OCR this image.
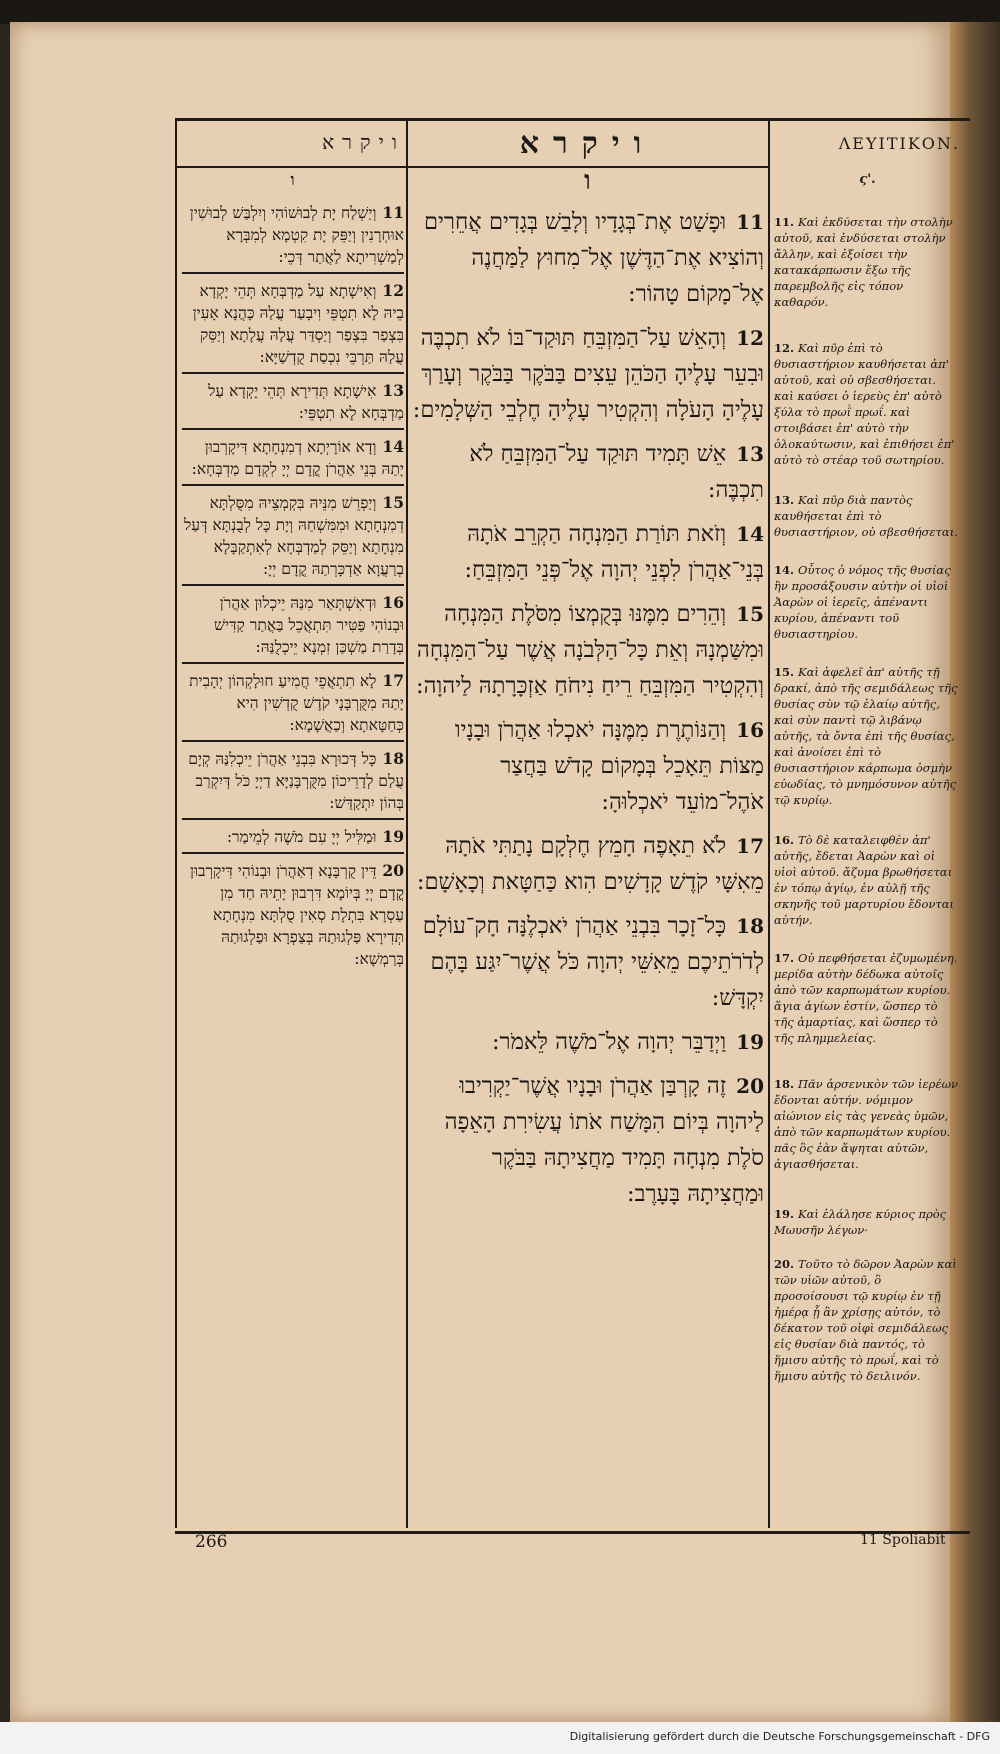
ויקרא	ויקרא	ΛΕΥΙΤΙΚΟΝ.
ו	ו	ς'.

11וְיַשְׁלַח יָת לְבוּשׁוֹהִי וְיִלְבַּשׁ לְבוּשִׁין אוּחְרָנִין וְיַפֵּק יָת קִטְמָא לְמִבְּרָא לְמַשְׁרִיתָא לַאֲתַר דְּכֵי:

12וְאִישָׁתָא עַל מַדְבְּחָא תְּהֵי יָקְדָא בֵיהּ לָא תִטְפֵּי וִיבָעַר עֲלַהּ כָּהֲנָא אָעִין בִּצְפַר בִּצְפַר וְיַסְדַּר עֲלַהּ עֲלָתָא וְיַסֵּק עֲלַהּ תַּרְבֵּי נִכְסַת קֻדְשַׁיָּא:

13אִישָׁתָא תְּדִירָא תְּהֵי יָקְדָא עַל מַדְבְּחָא לָא תִטְפֵּי:

14וְדָא אוֹרָיְתָא דְמִנְחָתָא דִּיקָרְבוּן יָתַהּ בְּנֵי אַהֲרֹן קֳדָם יְיָ לִקְדָם מַדְבְּחָא:

15וְיַפְרֵשׁ מִנֵּיהּ בִּקְמְצֵיהּ מִסֻּלְתָּא דְמִנְחָתָא וּמִמִּשְׁחַהּ וְיָת כָּל לְבֻנְתָּא דְּעַל מִנְחָתָא וְיַסֵּק לְמַדְבְּחָא לְאִתְקַבָּלָא בְרַעֲוָא אַדְכָּרְתַהּ קֳדָם יְיָ:

16וּדְאִשְׁתְּאַר מִנַּהּ יֵיכְלוּן אַהֲרֹן וּבְנוֹהִי פַּטִּיר תִּתְאֲכֵל בַּאֲתַר קַדִּישׁ בְּדָרַת מַשְׁכַּן זִמְנָא יֵיכְלֻנַּהּ:

17לָא תִתְאֲפֵי חֲמִיעַ חוּלָקְהוֹן יְהָבִית יָתַהּ מִקֻּרְבָּנָי קֹדֶשׁ קֻדְשִׁין הִיא כְּחַטָּאתָא וְכַאֲשָׁמָא:

18כָּל דְּכוּרָא בִּבְנֵי אַהֲרֹן יֵיכְלִנַּהּ קְיָם עֲלַם לְדָרֵיכוֹן מִקֻּרְבָּנַיָּא דַיְיָ כֹּל דְּיִקְרַב בְּהוֹן יִתְקַדַּשׁ:

19וּמַלִּיל יְיָ עִם מֹשֶׁה לְמֵימַר:

20דֵּין קֻרְבָּנָא דְאַהֲרֹן וּבְנוֹהִי דִּיקָרְבוּן קֳדָם יְיָ בְּיוֹמָא דִּרְבוּן יָתֵיהּ חַד מִן עַסְרָא בִּתְלָת סְאִין סֻלְתָּא מִנְחָתָא תְּדִירָא פַּלְגוּתַהּ בְּצַפְרָא וּפַלְגוּתַהּ בְּרַמְשָׁא:

11וּפָשַׁט אֶת־בְּגָדָיו וְלָבַשׁ בְּגָדִים אֲחֵרִים וְהוֹצִיא אֶת־הַדֶּשֶׁן אֶל־מִחוּץ לַמַּחֲנֶה אֶל־מָקוֹם טָהוֹר:

12וְהָאֵשׁ עַל־הַמִּזְבֵּחַ תּוּקַד־בּוֹ לֹא תִכְבֶּה וּבִעֵר עָלֶיהָ הַכֹּהֵן עֵצִים בַּבֹּקֶר בַּבֹּקֶר וְעָרַךְ עָלֶיהָ הָעֹלָה וְהִקְטִיר עָלֶיהָ חֶלְבֵי הַשְּׁלָמִים:

13אֵשׁ תָּמִיד תּוּקַד עַל־הַמִּזְבֵּחַ לֹא תִכְבֶּה:

14וְזֹאת תּוֹרַת הַמִּנְחָה הַקְרֵב אֹתָהּ בְּנֵי־אַהֲרֹן לִפְנֵי יְהוָה אֶל־פְּנֵי הַמִּזְבֵּחַ:

15וְהֵרִים מִמֶּנּוּ בְּקֻמְצוֹ מִסֹּלֶת הַמִּנְחָה וּמִשַּׁמְנָהּ וְאֵת כָּל־הַלְּבֹנָה אֲשֶׁר עַל־הַמִּנְחָה וְהִקְטִיר הַמִּזְבֵּחַ רֵיחַ נִיחֹחַ אַזְכָּרָתָהּ לַיהוָה:

16וְהַנּוֹתֶרֶת מִמֶּנָּה יֹאכְלוּ אַהֲרֹן וּבָנָיו מַצּוֹת תֵּאָכֵל בְּמָקוֹם קָדֹשׁ בַּחֲצַר אֹהֶל־מוֹעֵד יֹאכְלוּהָ:

17לֹא תֵאָפֶה חָמֵץ חֶלְקָם נָתַתִּי אֹתָהּ מֵאִשָּׁי קֹדֶשׁ קָדָשִׁים הִוא כַּחַטָּאת וְכָאָשָׁם:

18כָּל־זָכָר בִּבְנֵי אַהֲרֹן יֹאכְלֶנָּה חָק־עוֹלָם לְדֹרֹתֵיכֶם מֵאִשֵּׁי יְהוָה כֹּל אֲשֶׁר־יִגַּע בָּהֶם יִקְדָּשׁ:

19וַיְדַבֵּר יְהוָה אֶל־מֹשֶׁה לֵּאמֹר:

20זֶה קָרְבַּן אַהֲרֹן וּבָנָיו אֲשֶׁר־יַקְרִיבוּ לַיהוָה בְּיוֹם הִמָּשַׁח אֹתוֹ עֲשִׂירִת הָאֵפָה סֹלֶת מִנְחָה תָּמִיד מַחֲצִיתָהּ בַּבֹּקֶר וּמַחֲצִיתָהּ בָּעָרֶב:

11. Καὶ ἐκδύσεται τὴν στολὴν αὐτοῦ, καὶ ἐνδύσεται στολὴν ἄλλην, καὶ ἐξοίσει τὴν κατακάρπωσιν ἔξω τῆς παρεμβολῆς εἰς τόπον καθαρόν.

12. Καὶ πῦρ ἐπὶ τὸ θυσιαστήριον καυθήσεται ἀπ' αὐτοῦ, καὶ οὐ σβεσθήσεται. καὶ καύσει ὁ ἱερεὺς ἐπ' αὐτὸ ξύλα τὸ πρωῒ πρωΐ. καὶ στοιβάσει ἐπ' αὐτὸ τὴν ὁλοκαύτωσιν, καὶ ἐπιθήσει ἐπ' αὐτὸ τὸ στέαρ τοῦ σωτηρίου.

13. Καὶ πῦρ διὰ παντὸς καυθήσεται ἐπὶ τὸ θυσιαστήριον, οὐ σβεσθήσεται.

14. Οὗτος ὁ νόμος τῆς θυσίας ἣν προσάξουσιν αὐτὴν οἱ υἱοὶ Ἀαρὼν οἱ ἱερεῖς, ἀπέναντι κυρίου, ἀπέναντι τοῦ θυσιαστηρίου.

15. Καὶ ἀφελεῖ ἀπ' αὐτῆς τῇ δρακί, ἀπὸ τῆς σεμιδάλεως τῆς θυσίας σὺν τῷ ἐλαίῳ αὐτῆς, καὶ σὺν παντὶ τῷ λιβάνῳ αὐτῆς, τὰ ὄντα ἐπὶ τῆς θυσίας, καὶ ἀνοίσει ἐπὶ τὸ θυσιαστήριον κάρπωμα ὀσμὴν εὐωδίας, τὸ μνημόσυνον αὐτῆς τῷ κυρίῳ.

16. Τὸ δὲ καταλειφθὲν ἀπ' αὐτῆς, ἔδεται Ἀαρὼν καὶ οἱ υἱοὶ αὐτοῦ. ἄζυμα βρωθήσεται ἐν τόπῳ ἁγίῳ, ἐν αὐλῇ τῆς σκηνῆς τοῦ μαρτυρίου ἔδονται αὐτήν.

17. Οὐ πεφθήσεται ἐζυμωμένη. μερίδα αὐτὴν δέδωκα αὐτοῖς ἀπὸ τῶν καρπωμάτων κυρίου. ἅγια ἁγίων ἐστίν, ὥσπερ τὸ τῆς ἁμαρτίας, καὶ ὥσπερ τὸ τῆς πλημμελείας.

18. Πᾶν ἀρσενικὸν τῶν ἱερέων ἔδονται αὐτήν. νόμιμον αἰώνιον εἰς τὰς γενεὰς ὑμῶν, ἀπὸ τῶν καρπωμάτων κυρίου. πᾶς ὃς ἐὰν ἅψηται αὐτῶν, ἁγιασθήσεται.

19. Καὶ ἐλάλησε κύριος πρὸς Μωυσῆν λέγων·

20. Τοῦτο τὸ δῶρον Ἀαρὼν καὶ τῶν υἱῶν αὐτοῦ, ὃ προσοίσουσι τῷ κυρίῳ ἐν τῇ ἡμέρᾳ ᾗ ἂν χρίσῃς αὐτόν, τὸ δέκατον τοῦ οἰφὶ σεμιδάλεως εἰς θυσίαν διὰ παντός, τὸ ἥμισυ αὐτῆς τὸ πρωΐ, καὶ τὸ ἥμισυ αὐτῆς τὸ δειλινόν.

266	11 Spoliabit
Digitalisierung gefördert durch die Deutsche Forschungsgemeinschaft - DFG
